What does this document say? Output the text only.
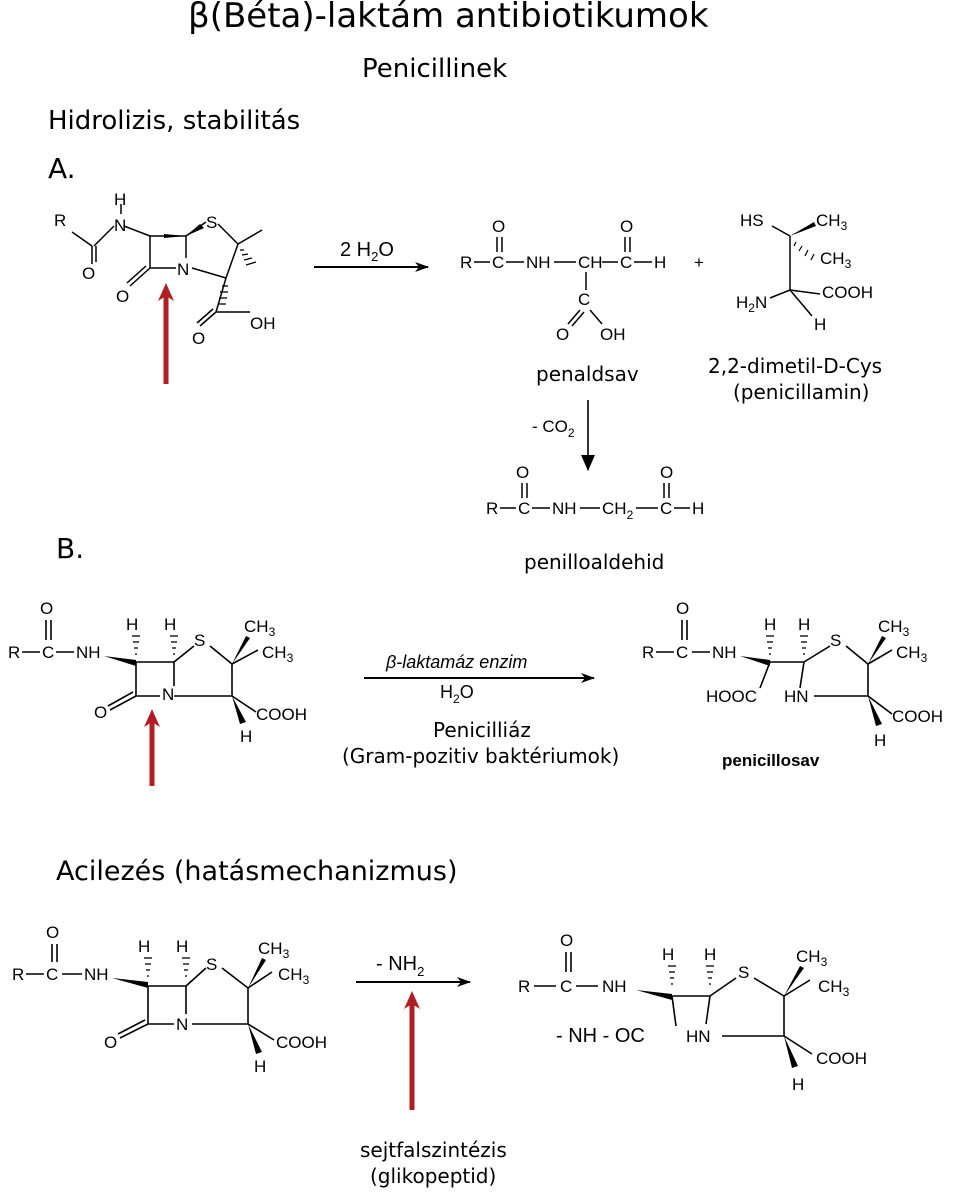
β(Béta)-laktám antibiotikumok
Penicillinek
Hidrolizis, stabilitás
A.
B.
penaldsav	2,2-dimetil-D-Cys
(penicillamin)
penilloaldehid
Penicilliáz
(Gram-pozitiv baktériumok)
Acilezés (hatásmechanizmus)
sejtfalszintézis
(glikopeptid)
R
O
H
N	S
N
O
O
OH
2 $H_2O$
O	O
R C NH CH C H +
C
O OH
HS	$CH_3$
$CH_3$
$H_2N$
COOH
H
- $CO_2$
O	O
R C NH $CH_2$ C H
O
R C NH
H H
S
$CH_3$
$CH_3$
N
O	COOH
H
β-laktamáz enzim
$H_2O$
O
R C NH
H H
S
$CH_3$
$CH_3$
HOOC HN
COOH
H
penicillosav
O
R C NH
H H
S
$CH_3$
$CH_3$
N
O	COOH
H
- $NH_2$
O
R C NH
H H
S
$CH_3$
$CH_3$
HN
COOH
H
- NH - OC
